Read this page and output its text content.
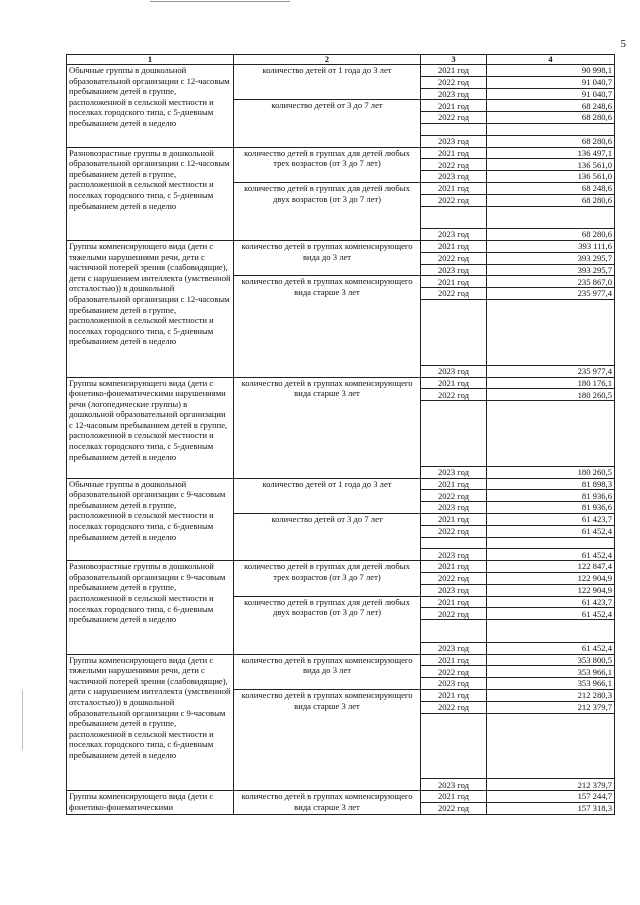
5
1	2	3	4
Обычные группы в дошкольной образовательной организации с 12-часовым пребыванием детей в группе, расположенной в сельской местности и поселках городского типа, с 5-дневным пребыванием детей в неделю	количество детей от 1 года до 3 лет	2021 год	90 998,1
		2022 год	91 040,7
		2023 год	91 040,7
	количество детей от 3 до 7 лет	2021 год	68 248,6
		2022 год	68 280,6

		2023 год	68 280,6
Разновозрастные группы в дошкольной образовательной организации с 12-часовым пребыванием детей в группе, расположенной в сельской местности и поселках городского типа, с 5-дневным пребыванием детей в неделю	количество детей в группах для детей любых трех возрастов (от 3 до 7 лет)	2021 год	136 497,1
		2022 год	136 561,0
		2023 год	136 561,0
	количество детей в группах для детей любых двух возрастов (от 3 до 7 лет)	2021 год	68 248,6
		2022 год	68 280,6

		2023 год	68 280,6
Группы компенсирующего вида (дети с тяжелыми нарушениями речи, дети с частичной потерей зрения (слабовидящие), дети с нарушением интеллекта (умственной отсталостью)) в дошкольной образовательной организации с 12-часовым пребыванием детей в группе, расположенной в сельской местности и поселках городского типа, с 5-дневным пребыванием детей в неделю	количество детей в группах компенсирующего вида до 3 лет	2021 год	393 111,6
		2022 год	393 295,7
		2023 год	393 295,7
	количество детей в группах компенсирующего вида старше 3 лет	2021 год	235 867,0
		2022 год	235 977,4

		2023 год	235 977,4
Группы компенсирующего вида (дети с фонетико-фонематическими нарушениями речи (логопедические группы) в дошкольной образовательной организации с 12-часовым пребыванием детей в группе, расположенной в сельской местности и поселках городского типа, с 5-дневным пребыванием детей в неделю	количество детей в группах компенсирующего вида старше 3 лет	2021 год	180 176,1
		2022 год	180 260,5

		2023 год	180 260,5
Обычные группы в дошкольной образовательной организации с 9-часовым пребыванием детей в группе, расположенной в сельской местности и поселках городского типа, с 6-дневным пребыванием детей в неделю	количество детей от 1 года до 3 лет	2021 год	81 898,3
		2022 год	81 936,6
		2023 год	81 936,6
	количество детей от 3 до 7 лет	2021 год	61 423,7
		2022 год	61 452,4

		2023 год	61 452,4
Разновозрастные группы в дошкольной образовательной организации с 9-часовым пребыванием детей в группе, расположенной в сельской местности и поселках городского типа, с 6-дневным пребыванием детей в неделю	количество детей в группах для детей любых трех возрастов (от 3 до 7 лет)	2021 год	122 847,4
		2022 год	122 904,9
		2023 год	122 904,9
	количество детей в группах для детей любых двух возрастов (от 3 до 7 лет)	2021 год	61 423,7
		2022 год	61 452,4

		2023 год	61 452,4
Группы компенсирующего вида (дети с тяжелыми нарушениями речи, дети с частичной потерей зрения (слабовидящие), дети с нарушением интеллекта (умственной отсталостью)) в дошкольной образовательной организации с 9-часовым пребыванием детей в группе, расположенной в сельской местности и поселках городского типа, с 6-дневным пребыванием детей в неделю	количество детей в группах компенсирующего вида до 3 лет	2021 год	353 800,5
		2022 год	353 966,1
		2023 год	353 966,1
	количество детей в группах компенсирующего вида старше 3 лет	2021 год	212 280,3
		2022 год	212 379,7

		2023 год	212 379,7
Группы компенсирующего вида (дети с фонетико-фонематическими	количество детей в группах компенсирующего вида старше 3 лет	2021 год	157 244,7
		2022 год	157 318,3
